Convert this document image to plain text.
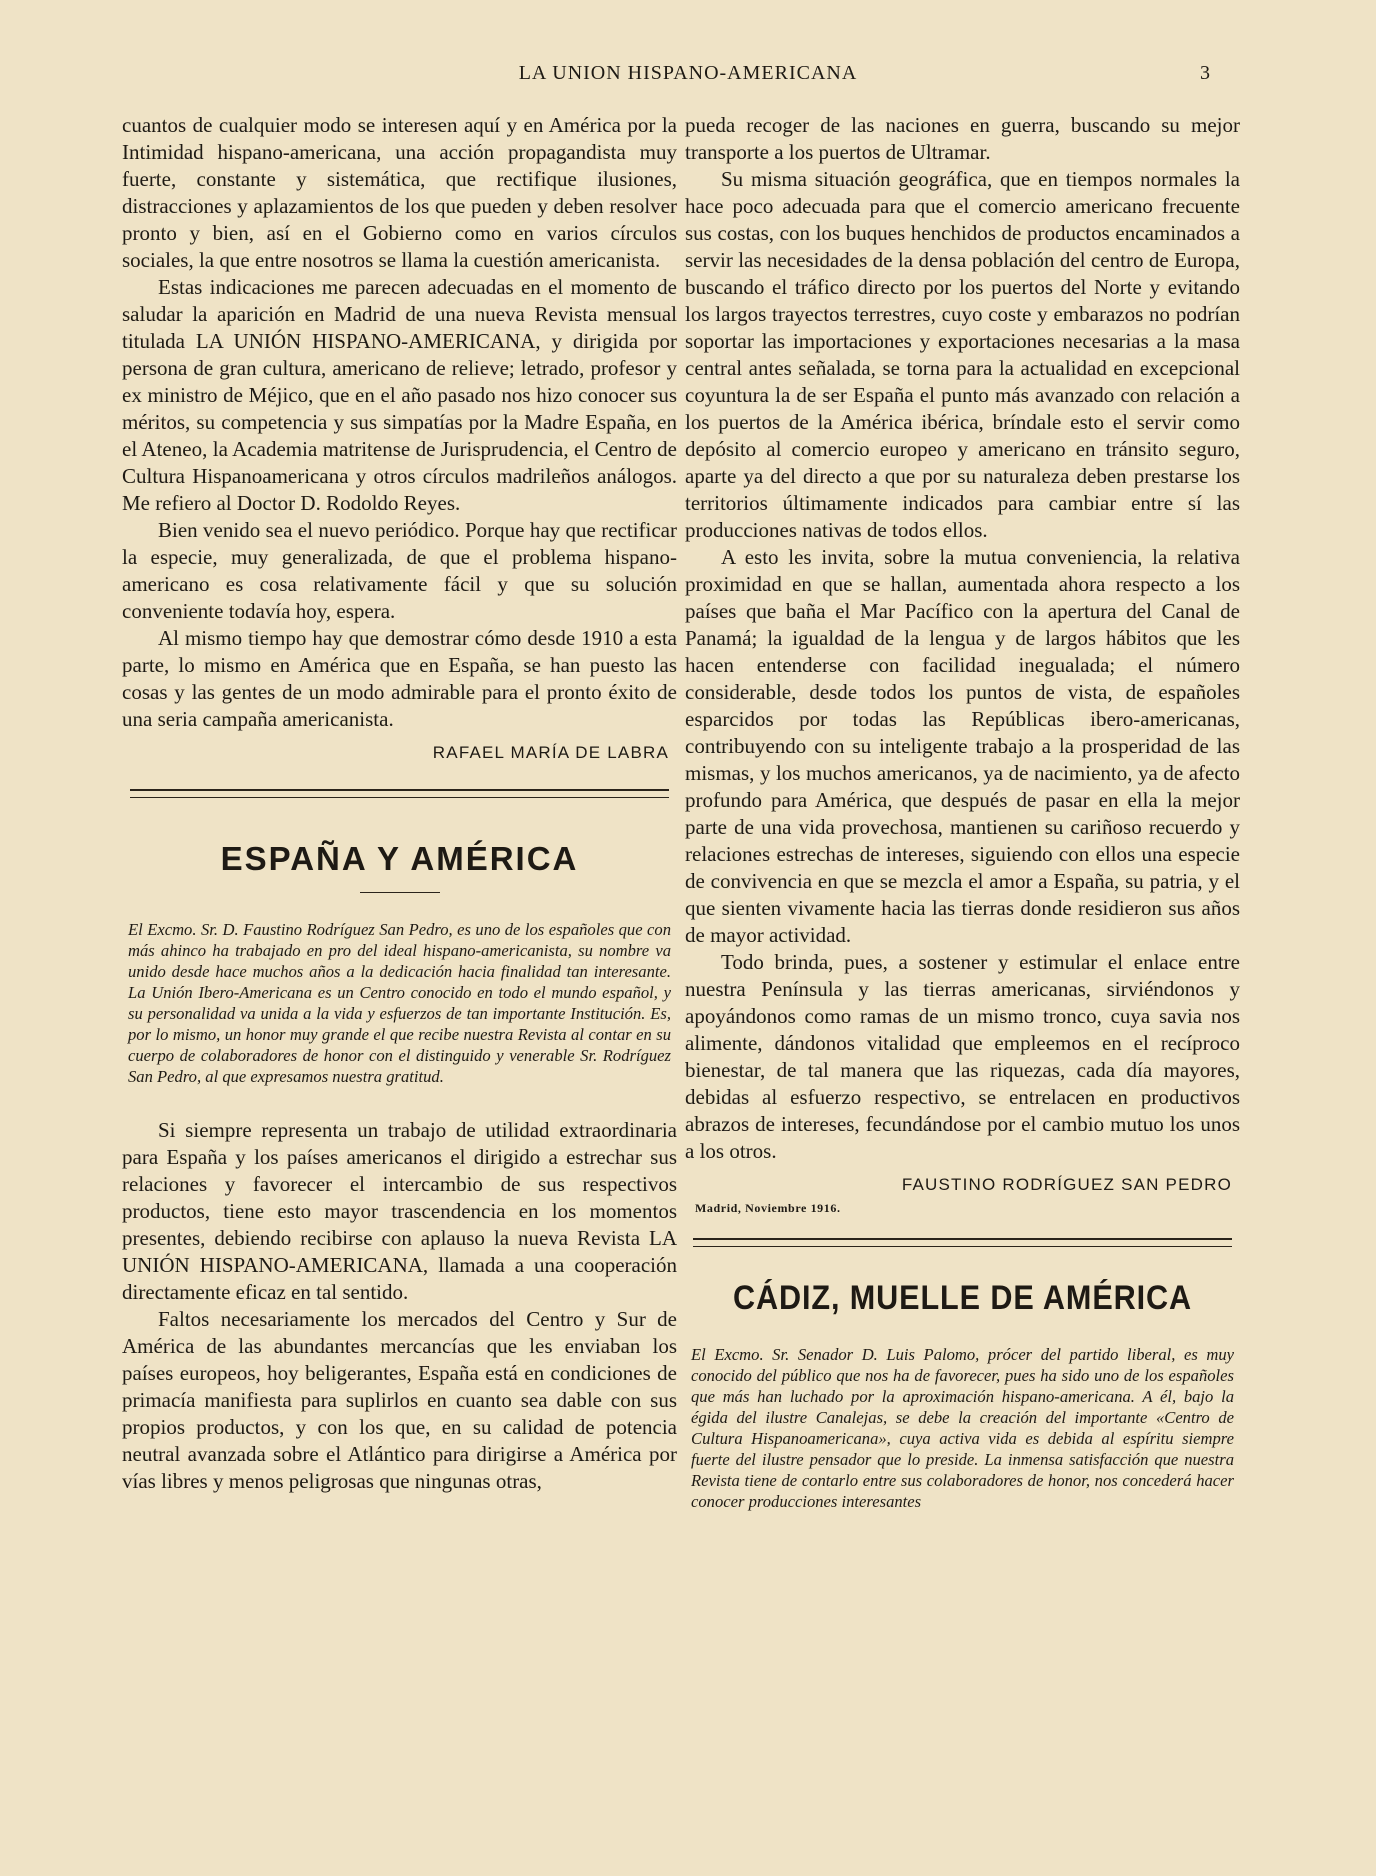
LA UNION HISPANO-AMERICANA	3

cuantos de cualquier modo se interesen aquí y en América por la Intimidad hispano-americana, una acción propagandista muy fuerte, constante y sistemática, que rectifique ilusiones, distracciones y aplazamientos de los que pueden y deben resolver pronto y bien, así en el Gobierno como en varios círculos sociales, la que entre nosotros se llama la cuestión americanista.

Estas indicaciones me parecen adecuadas en el momento de saludar la aparición en Madrid de una nueva Revista mensual titulada LA UNIÓN HISPANO-AMERICANA, y dirigida por persona de gran cultura, americano de relieve; letrado, profesor y ex ministro de Méjico, que en el año pasado nos hizo conocer sus méritos, su competencia y sus simpatías por la Madre España, en el Ateneo, la Academia matritense de Jurisprudencia, el Centro de Cultura Hispanoamericana y otros círculos madrileños análogos. Me refiero al Doctor D. Rodoldo Reyes.

Bien venido sea el nuevo periódico. Porque hay que rectificar la especie, muy generalizada, de que el problema hispano-americano es cosa relativamente fácil y que su solución conveniente todavía hoy, espera.

Al mismo tiempo hay que demostrar cómo desde 1910 a esta parte, lo mismo en América que en España, se han puesto las cosas y las gentes de un modo admirable para el pronto éxito de una seria campaña americanista.

RAFAEL MARÍA DE LABRA
ESPAÑA Y AMÉRICA

El Excmo. Sr. D. Faustino Rodríguez San Pedro, es uno de los españoles que con más ahinco ha trabajado en pro del ideal hispano-americanista, su nombre va unido desde hace muchos años a la dedicación hacia finalidad tan interesante. La Unión Ibero-Americana es un Centro conocido en todo el mundo español, y su personalidad va unida a la vida y esfuerzos de tan importante Institución. Es, por lo mismo, un honor muy grande el que recibe nuestra Revista al contar en su cuerpo de colaboradores de honor con el distinguido y venerable Sr. Rodríguez San Pedro, al que expresamos nuestra gratitud.

Si siempre representa un trabajo de utilidad extraordinaria para España y los países americanos el dirigido a estrechar sus relaciones y favorecer el intercambio de sus respectivos productos, tiene esto mayor trascendencia en los momentos presentes, debiendo recibirse con aplauso la nueva Revista LA UNIÓN HISPANO-AMERICANA, llamada a una cooperación directamente eficaz en tal sentido.

Faltos necesariamente los mercados del Centro y Sur de América de las abundantes mercancías que les enviaban los países europeos, hoy beligerantes, España está en condiciones de primacía manifiesta para suplirlos en cuanto sea dable con sus propios productos, y con los que, en su calidad de potencia neutral avanzada sobre el Atlántico para dirigirse a América por vías libres y menos peligrosas que ningunas otras,

pueda recoger de las naciones en guerra, buscando su mejor transporte a los puertos de Ultramar.

Su misma situación geográfica, que en tiempos normales la hace poco adecuada para que el comercio americano frecuente sus costas, con los buques henchidos de productos encaminados a servir las necesidades de la densa población del centro de Europa, buscando el tráfico directo por los puertos del Norte y evitando los largos trayectos terrestres, cuyo coste y embarazos no podrían soportar las importaciones y exportaciones necesarias a la masa central antes señalada, se torna para la actualidad en excepcional coyuntura la de ser España el punto más avanzado con relación a los puertos de la América ibérica, bríndale esto el servir como depósito al comercio europeo y americano en tránsito seguro, aparte ya del directo a que por su naturaleza deben prestarse los territorios últimamente indicados para cambiar entre sí las producciones nativas de todos ellos.

A esto les invita, sobre la mutua conveniencia, la relativa proximidad en que se hallan, aumentada ahora respecto a los países que baña el Mar Pacífico con la apertura del Canal de Panamá; la igualdad de la lengua y de largos hábitos que les hacen entenderse con facilidad inegualada; el número considerable, desde todos los puntos de vista, de españoles esparcidos por todas las Repúblicas ibero-americanas, contribuyendo con su inteligente trabajo a la prosperidad de las mismas, y los muchos americanos, ya de nacimiento, ya de afecto profundo para América, que después de pasar en ella la mejor parte de una vida provechosa, mantienen su cariñoso recuerdo y relaciones estrechas de intereses, siguiendo con ellos una especie de convivencia en que se mezcla el amor a España, su patria, y el que sienten vivamente hacia las tierras donde residieron sus años de mayor actividad.

Todo brinda, pues, a sostener y estimular el enlace entre nuestra Península y las tierras americanas, sirviéndonos y apoyándonos como ramas de un mismo tronco, cuya savia nos alimente, dándonos vitalidad que empleemos en el recíproco bienestar, de tal manera que las riquezas, cada día mayores, debidas al esfuerzo respectivo, se entrelacen en productivos abrazos de intereses, fecundándose por el cambio mutuo los unos a los otros.

FAUSTINO RODRÍGUEZ SAN PEDRO
Madrid, Noviembre 1916.
CÁDIZ, MUELLE DE AMÉRICA

El Excmo. Sr. Senador D. Luis Palomo, prócer del partido liberal, es muy conocido del público que nos ha de favorecer, pues ha sido uno de los españoles que más han luchado por la aproximación hispano-americana. A él, bajo la égida del ilustre Canalejas, se debe la creación del importante «Centro de Cultura Hispanoamericana», cuya activa vida es debida al espíritu siempre fuerte del ilustre pensador que lo preside. La inmensa satisfacción que nuestra Revista tiene de contarlo entre sus colaboradores de honor, nos concederá hacer conocer producciones interesantes
